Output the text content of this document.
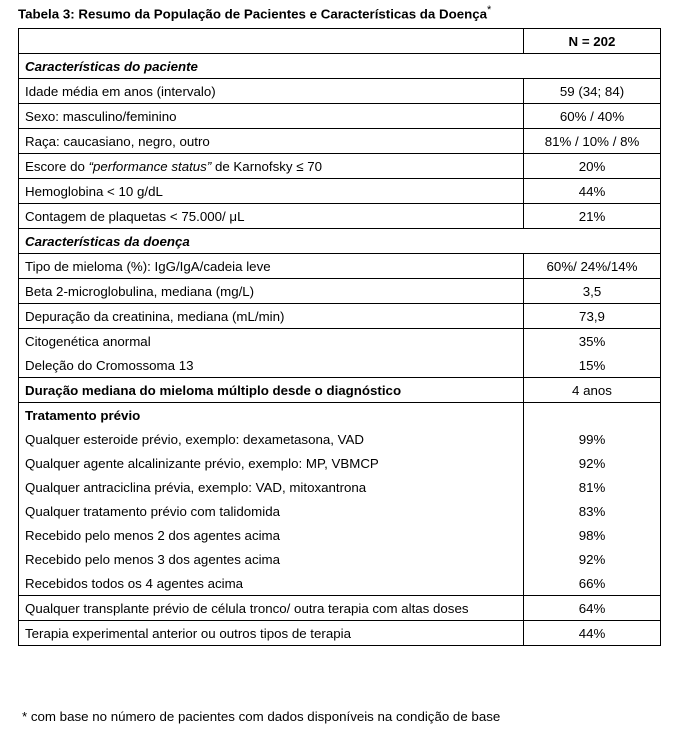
Tabela 3: Resumo da População de Pacientes e Características da Doença*
	N = 202
Características do paciente	
Idade média em anos (intervalo)	59 (34; 84)
Sexo: masculino/feminino	60% / 40%
Raça: caucasiano, negro, outro	81% / 10% / 8%
Escore do “performance status” de Karnofsky ≤ 70	20%
Hemoglobina < 10 g/dL	44%
Contagem de plaquetas < 75.000/ μL	21%
Características da doença	
Tipo de mieloma (%): IgG/IgA/cadeia leve	60%/ 24%/14%
Beta 2-microglobulina, mediana (mg/L)	3,5
Depuração da creatinina, mediana (mL/min)	73,9
Citogenética anormal	35%
Deleção do Cromossoma 13	15%
Duração mediana do mieloma múltiplo desde o diagnóstico	4 anos
Tratamento prévio	
Qualquer esteroide prévio, exemplo: dexametasona, VAD	99%
Qualquer agente alcalinizante prévio, exemplo: MP, VBMCP	92%
Qualquer antraciclina prévia, exemplo: VAD, mitoxantrona	81%
Qualquer tratamento prévio com talidomida	83%
Recebido pelo menos 2 dos agentes acima	98%
Recebido pelo menos 3 dos agentes acima	92%
Recebidos todos os 4 agentes acima	66%
Qualquer transplante prévio de célula tronco/ outra terapia com altas doses	64%
Terapia experimental anterior ou outros tipos de terapia	44%
* com base no número de pacientes com dados disponíveis na condição de base
